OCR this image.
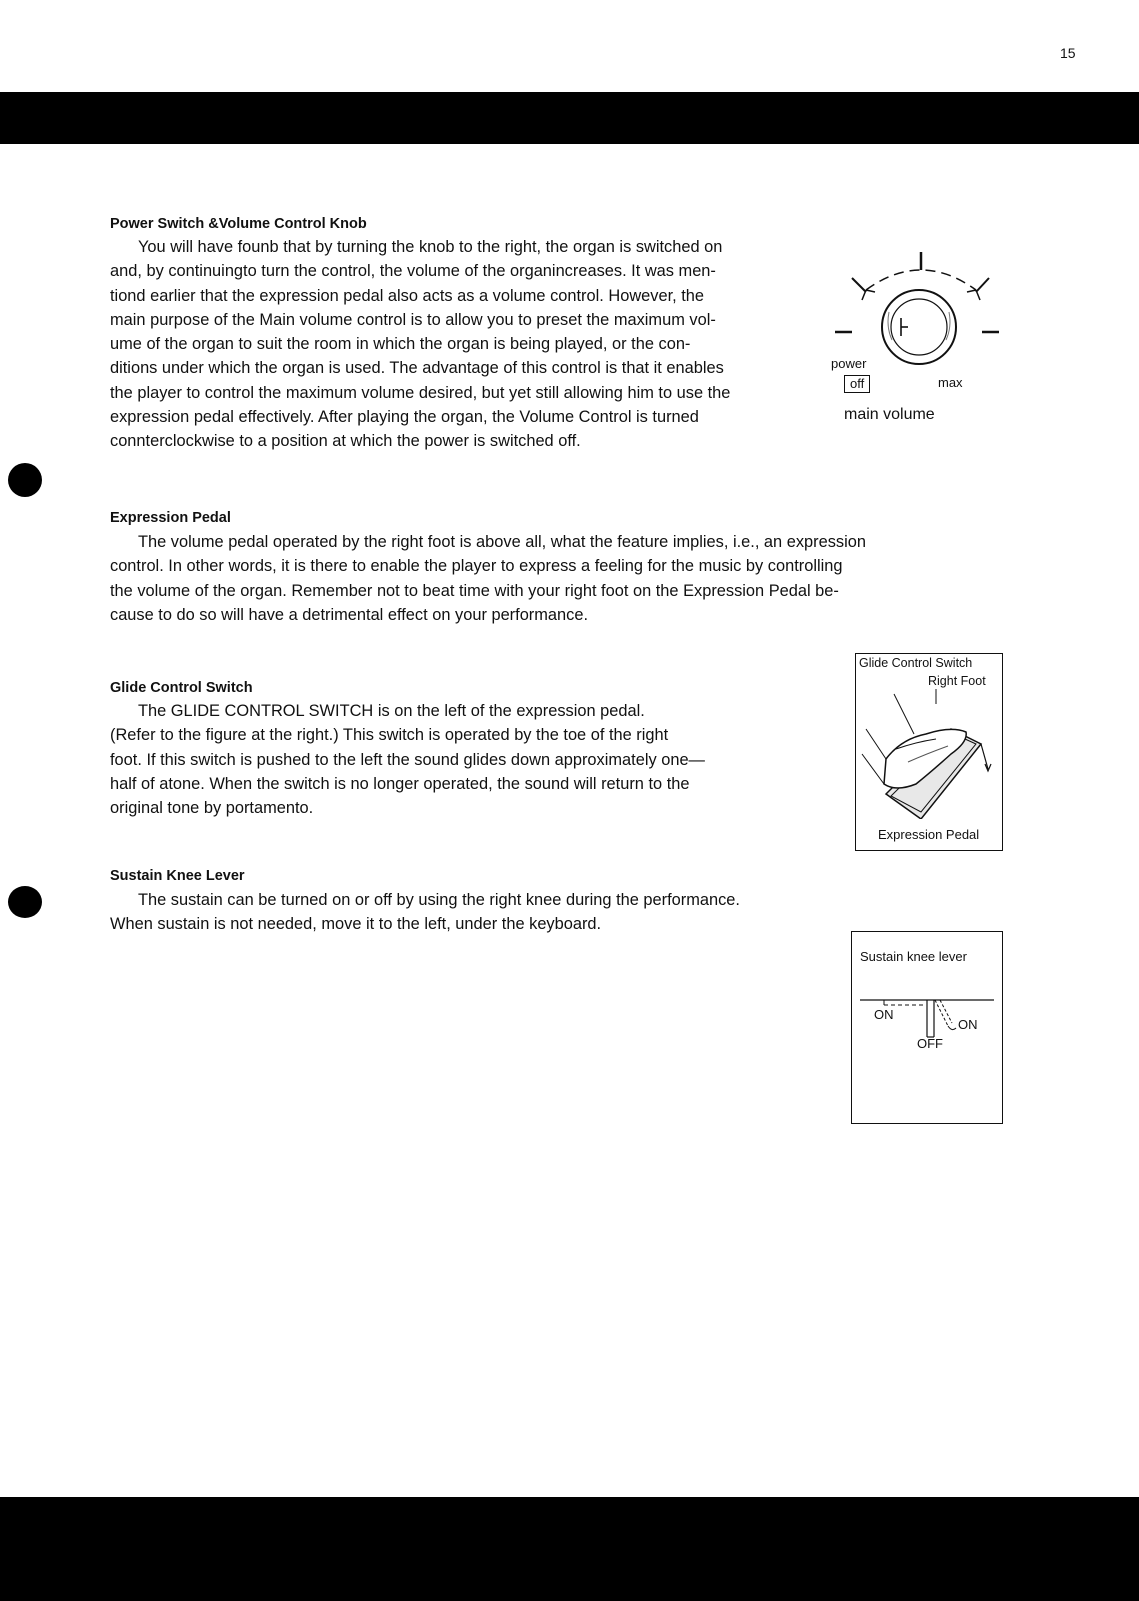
15
Power Switch &Volume Control Knob
You will have founb that by turning the knob to the right, the organ is switched on
and, by continuingto turn the control, the volume of the organincreases. It was men-
tiond earlier that the expression pedal also acts as a volume control. However, the
main purpose of the Main volume control is to allow you to preset the maximum vol-
ume of the organ to suit the room in which the organ is being played, or the con-
ditions under which the organ is used. The advantage of this control is that it enables
the player to control the maximum volume desired, but yet still allowing him to use the
expression pedal effectively. After playing the organ, the Volume Control is turned
connterclockwise to a position at which the power is switched off.
power
off	max
main volume
Expression Pedal
The volume pedal operated by the right foot is above all, what the feature implies, i.e., an expression
control. In other words, it is there to enable the player to express a feeling for the music by controlling
the volume of the organ. Remember not to beat time with your right foot on the Expression Pedal be-
cause to do so will have a detrimental effect on your performance.
Glide Control Switch
The GLIDE CONTROL SWITCH is on the left of the expression pedal.
(Refer to the figure at the right.) This switch is operated by the toe of the right
foot. If this switch is pushed to the left the sound glides down approximately one—
half of atone. When the switch is no longer operated, the sound will return to the
original tone by portamento.
Glide Control Switch
Right Foot
Expression Pedal
Sustain Knee Lever
The sustain can be turned on or off by using the right knee during the performance.
When sustain is not needed, move it to the left, under the keyboard.
Sustain knee lever
ON
ON
OFF
